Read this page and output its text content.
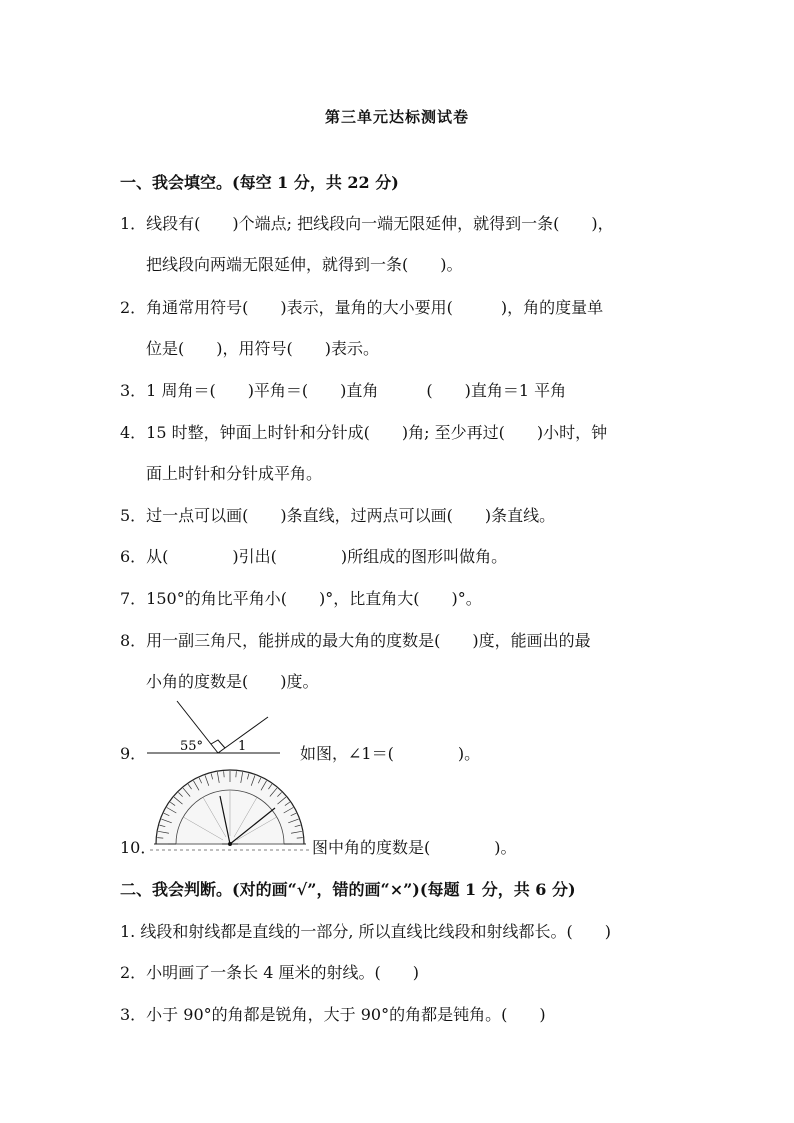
第三单元达标测试卷
一、我会填空。(每空 1 分，共 22 分)
1．线段有(　　)个端点; 把线段向一端无限延伸，就得到一条(　　)，
把线段向两端无限延伸，就得到一条(　　)。
2．角通常用符号(　　)表示，量角的大小要用(　　　)，角的度量单
位是(　　)，用符号(　　)表示。
3．1 周角＝(　　)平角＝(　　)直角　　　(　　)直角＝1 平角
4．15 时整，钟面上时针和分针成(　　)角; 至少再过(　　)小时，钟
面上时针和分针成平角。
5．过一点可以画(　　)条直线，过两点可以画(　　)条直线。
6．从(　　　　)引出(　　　　)所组成的图形叫做角。
7．150°的角比平角小(　　)°，比直角大(　　)°。
8．用一副三角尺，能拼成的最大角的度数是(　　)度，能画出的最
小角的度数是(　　)度。
9．	55°	1	如图，∠1＝(　　　　)。
10．	图中角的度数是(　　　　)。
二、我会判断。(对的画“√”，错的画“×”)(每题 1 分，共 6 分)
1. 线段和射线都是直线的一部分, 所以直线比线段和射线都长。(　　)
2．小明画了一条长 4 厘米的射线。(　　)
3．小于 90°的角都是锐角，大于 90°的角都是钝角。(　　)
